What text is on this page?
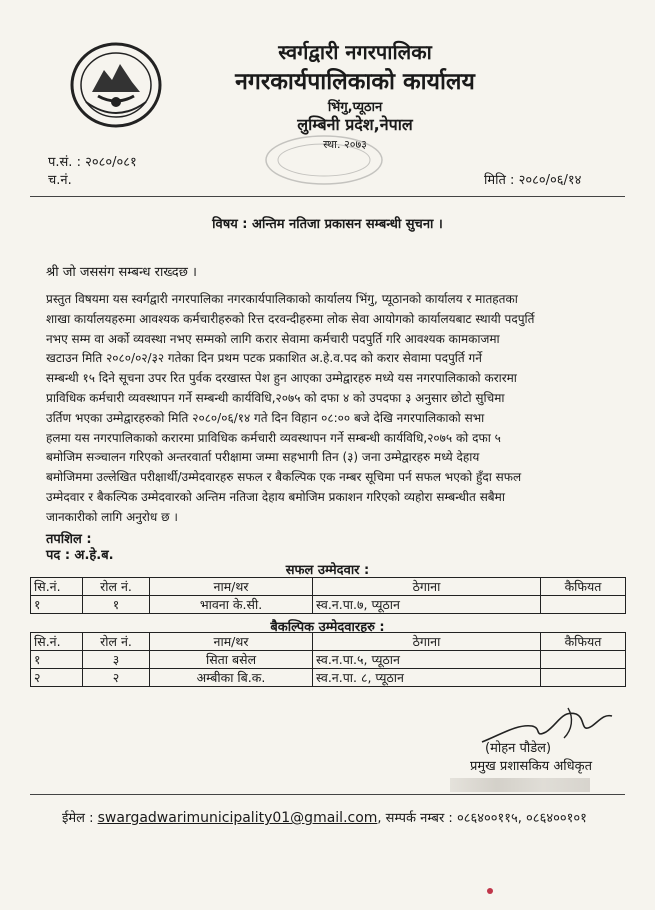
स्वर्गद्वारी नगरपालिका
नगरकार्यपालिकाको कार्यालय
भिंगु,प्यूठान
लुम्बिनी प्रदेश,नेपाल
स्था. २०७३
प.सं. : २०८०/०८१
च.नं.	मिति : २०८०/०६/१४
विषय : अन्तिम नतिजा प्रकासन सम्बन्धी सुचना ।
श्री जो जससंग सम्बन्ध राख्दछ ।
प्रस्तुत विषयमा यस स्वर्गद्वारी नगरपालिका नगरकार्यपालिकाको कार्यालय भिंगु, प्यूठानको कार्यालय र मातहतका
शाखा कार्यालयहरुमा आवश्यक कर्मचारीहरुको रित्त दरवन्दीहरुमा लोक सेवा आयोगको कार्यालयबाट स्थायी पदपुर्ति
नभए सम्म वा अर्को व्यवस्था नभए सम्मको लागि करार सेवामा कर्मचारी पदपुर्ति गरि आवश्यक कामकाजमा
खटाउन मिति २०८०/०२/३२ गतेका दिन प्रथम पटक प्रकाशित अ.हे.व.पद को करार सेवामा पदपुर्ति गर्ने
सम्बन्धी १५ दिने सूचना उपर रित पुर्वक दरखास्त पेश हुन आएका उम्मेद्वारहरु मध्ये यस नगरपालिकाको करारमा
प्राविधिक कर्मचारी व्यवस्थापन गर्ने सम्बन्धी कार्यविधि,२०७५ को दफा ४ को उपदफा ३ अनुसार छोटो सुचिमा
उर्तिण भएका उम्मेद्वारहरुको मिति २०८०/०६/१४ गते दिन विहान ०८:०० बजे देखि नगरपालिकाको सभा
हलमा यस नगरपालिकाको करारमा प्राविधिक कर्मचारी व्यवस्थापन गर्ने सम्बन्धी कार्यविधि,२०७५ को दफा ५
बमोजिम सञ्चालन गरिएको अन्तरवार्ता परीक्षामा जम्मा सहभागी तिन (३) जना उम्मेद्वारहरु मध्ये देहाय
बमोजिममा उल्लेखित परीक्षार्थी/उम्मेदवारहरु सफल र बैकल्पिक एक नम्बर सूचिमा पर्न सफल भएको हुँदा सफल
उम्मेदवार र बैकल्पिक उम्मेदवारको अन्तिम नतिजा देहाय बमोजिम प्रकाशन गरिएको व्यहोरा सम्बन्धीत सबैमा
जानकारीको लागि अनुरोध छ ।
तपशिल :
पद : अ.हे.ब.
सफल उम्मेदवार :
सि.नं.	रोल नं.	नाम/थर	ठेगाना	कैफियत
१	१	भावना के.सी.	स्व.न.पा.७, प्यूठान	
बैकल्पिक उम्मेदवारहरु :
सि.नं.	रोल नं.	नाम/थर	ठेगाना	कैफियत
१	३	सिता बसेल	स्व.न.पा.५, प्यूठान	
२	२	अम्बीका बि.क.	स्व.न.पा. ८, प्यूठान	
(मोहन पौडेल)
प्रमुख प्रशासकिय अधिकृत
ईमेल : swargadwarimunicipality01@gmail.com, सम्पर्क नम्बर : ०८६४००११५, ०८६४००१०१
